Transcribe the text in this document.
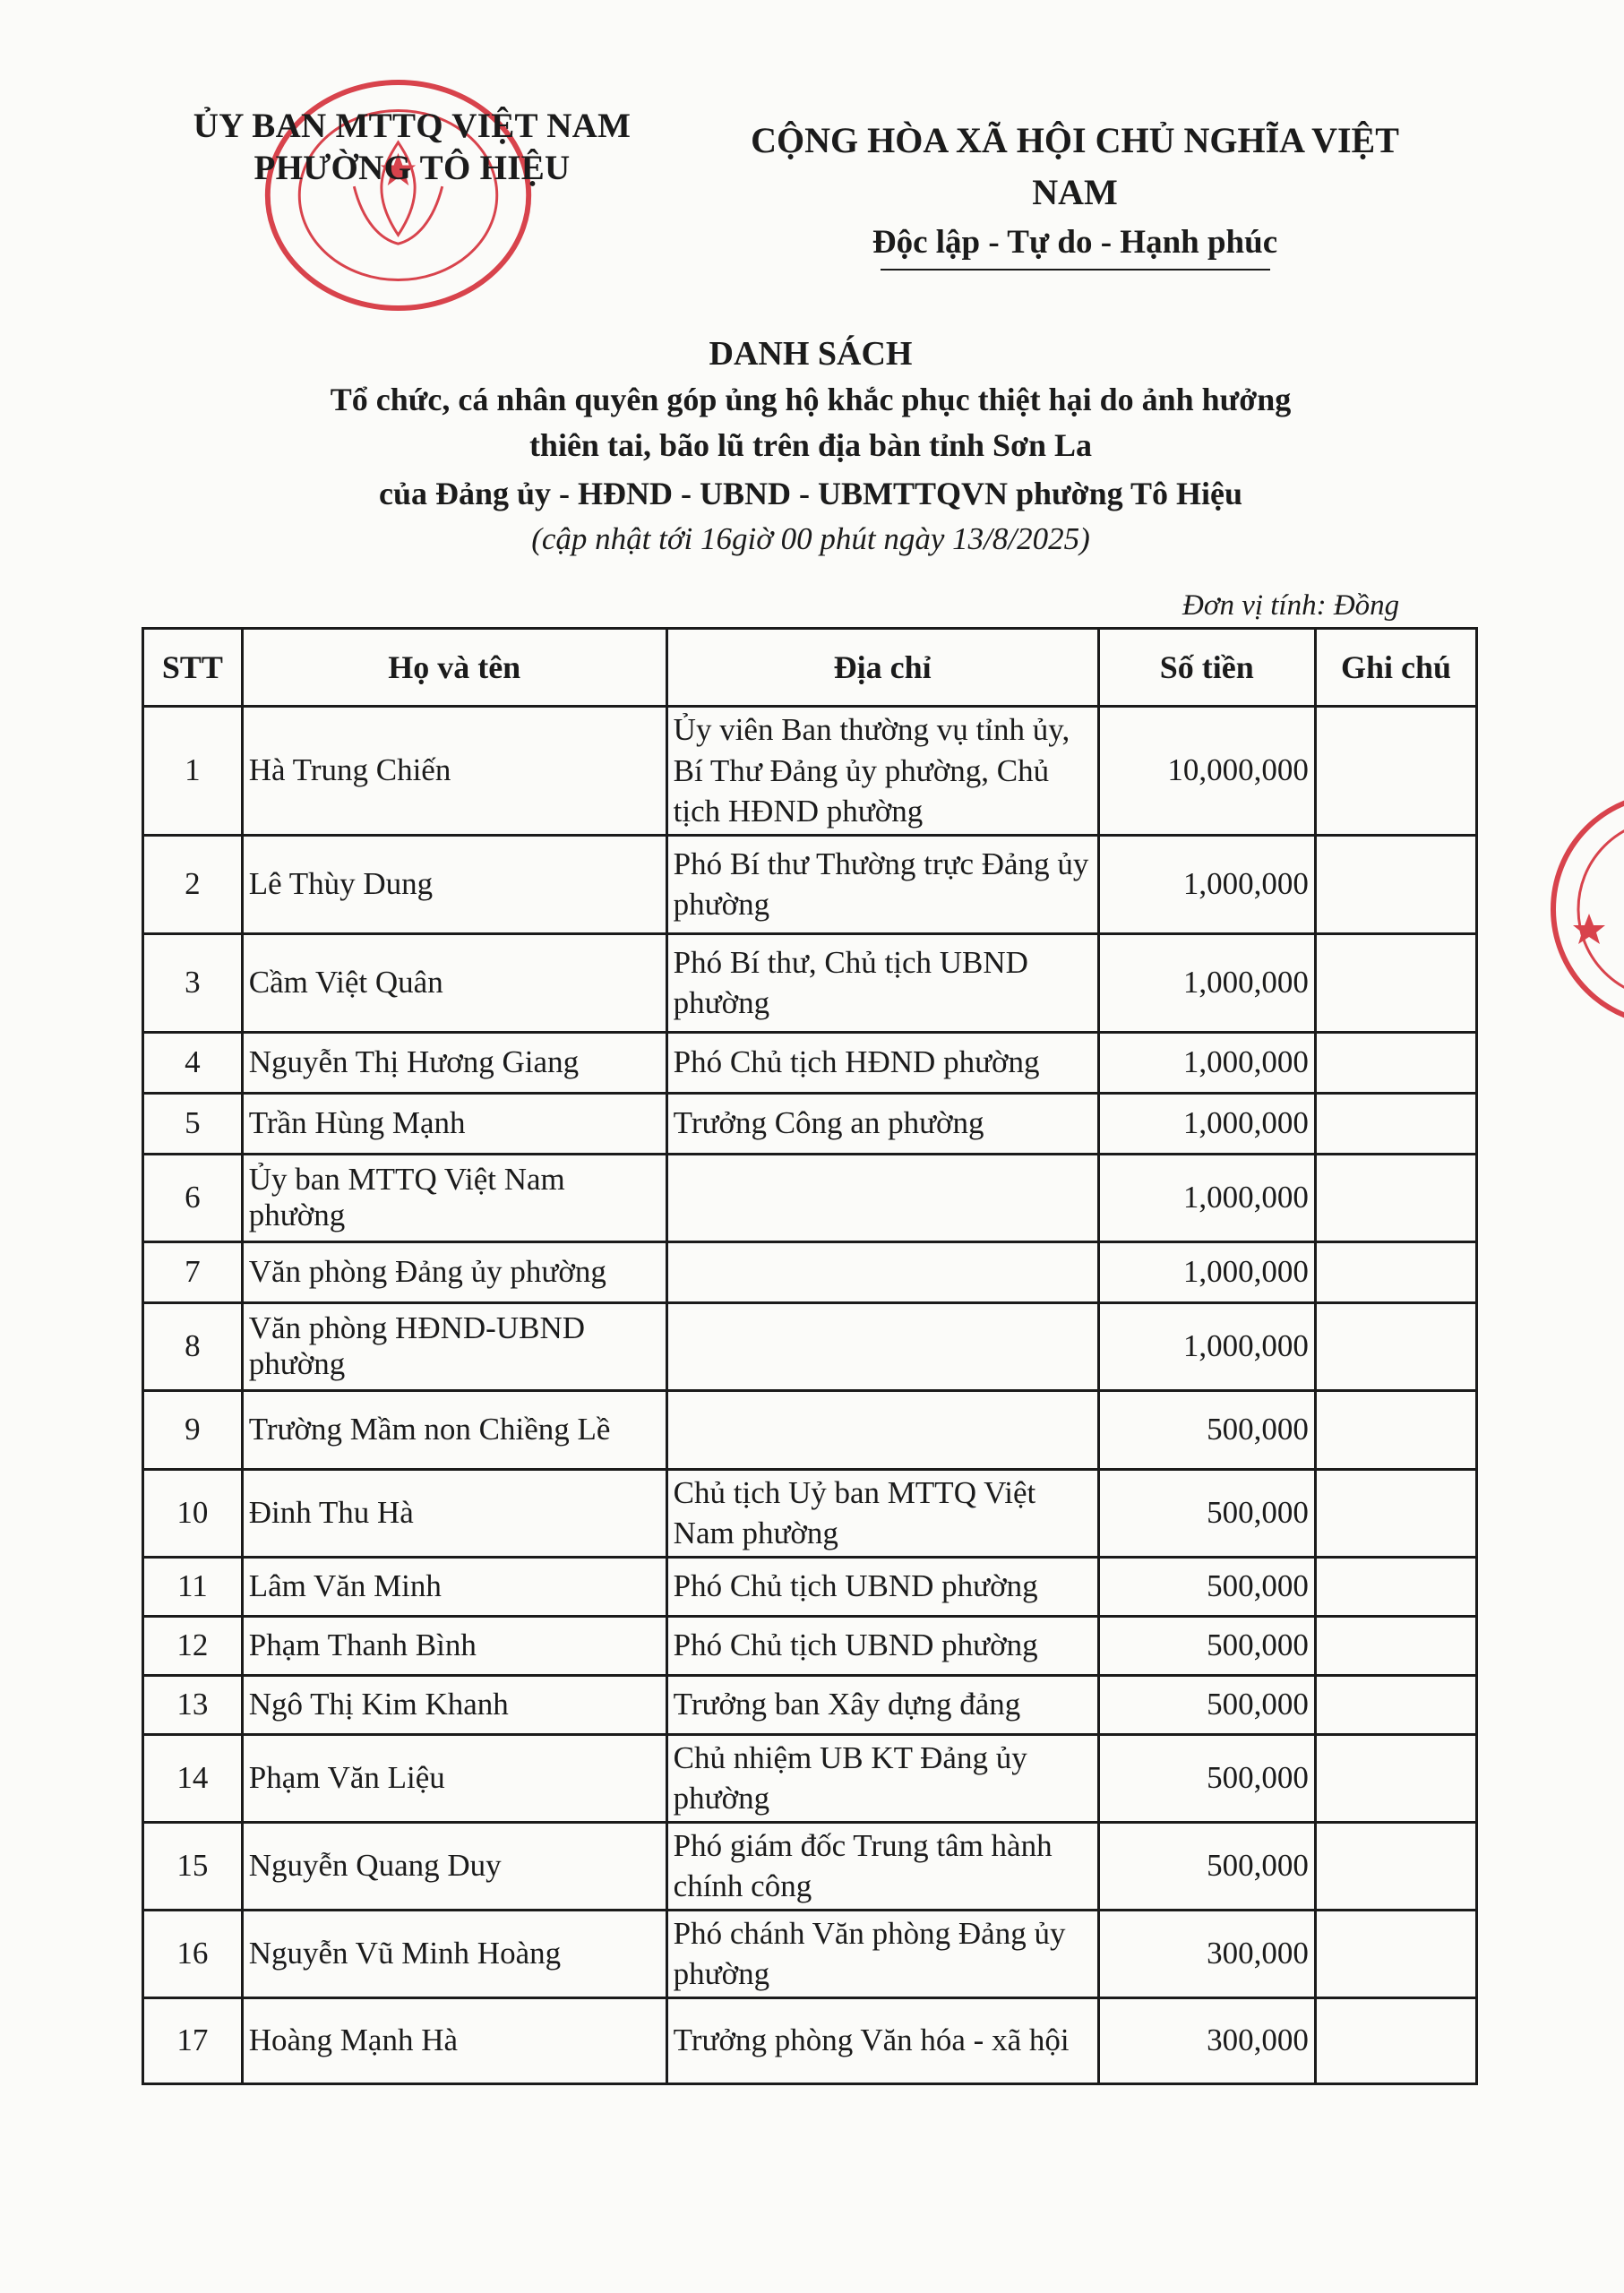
ỦY BAN MTTQ VIỆT NAM
PHƯỜNG TÔ HIỆU
CỘNG HÒA XÃ HỘI CHỦ NGHĨA VIỆT NAM
Độc lập - Tự do - Hạnh phúc
DANH SÁCH
Tổ chức, cá nhân quyên góp ủng hộ khắc phục thiệt hại do ảnh hưởng
thiên tai, bão lũ trên địa bàn tỉnh Sơn La
của Đảng ủy - HĐND - UBND - UBMTTQVN phường Tô Hiệu
(cập nhật tới 16giờ 00 phút ngày 13/8/2025)
Đơn vị tính: Đồng
STT	Họ và tên	Địa chỉ	Số tiền	Ghi chú
1	Hà Trung Chiến	Ủy viên Ban thường vụ tỉnh ủy, Bí Thư Đảng ủy phường, Chủ tịch HĐND phường	10,000,000	
2	Lê Thùy Dung	Phó Bí thư Thường trực Đảng ủy phường	1,000,000	
3	Cầm Việt Quân	Phó Bí thư, Chủ tịch UBND phường	1,000,000	
4	Nguyễn Thị Hương Giang	Phó Chủ tịch HĐND phường	1,000,000	
5	Trần Hùng Mạnh	Trưởng Công an phường	1,000,000	
6	Ủy ban MTTQ Việt Nam phường		1,000,000	
7	Văn phòng Đảng ủy phường		1,000,000	
8	Văn phòng HĐND-UBND phường		1,000,000	
9	Trường Mầm non Chiềng Lề		500,000	
10	Đinh Thu Hà	Chủ tịch Uỷ ban MTTQ Việt Nam phường	500,000	
11	Lâm Văn Minh	Phó Chủ tịch UBND phường	500,000	
12	Phạm Thanh Bình	Phó Chủ tịch UBND phường	500,000	
13	Ngô Thị Kim Khanh	Trưởng ban Xây dựng đảng	500,000	
14	Phạm Văn Liệu	Chủ nhiệm UB KT Đảng ủy phường	500,000	
15	Nguyễn Quang Duy	Phó giám đốc Trung tâm hành chính công	500,000	
16	Nguyễn Vũ Minh Hoàng	Phó chánh Văn phòng Đảng ủy phường	300,000	
17	Hoàng Mạnh Hà	Trưởng phòng Văn hóa - xã hội	300,000	
